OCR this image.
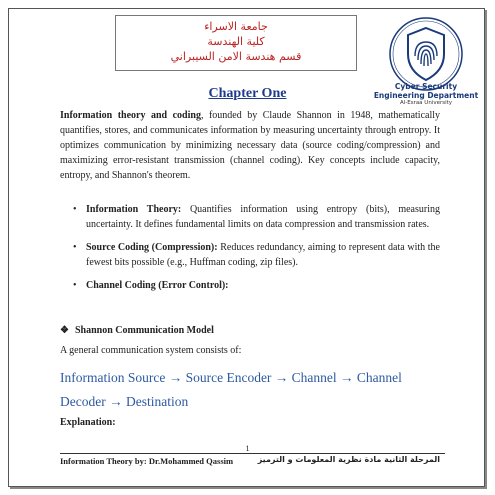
جامعة الاسراء
كلية الهندسة
قسم هندسة الامن السيبراني
Cyber Security
Engineering Department
Al-Esraa University
Chapter One
Information theory and coding, founded by Claude Shannon in 1948, mathematically quantifies, stores, and communicates information by measuring uncertainty through entropy. It optimizes communication by minimizing necessary data (source coding/compression) and maximizing error-resistant transmission (channel coding). Key concepts include capacity, entropy, and Shannon's theorem.
• Information Theory: Quantifies information using entropy (bits), measuring uncertainty. It defines fundamental limits on data compression and transmission rates.
• Source Coding (Compression): Reduces redundancy, aiming to represent data with the fewest bits possible (e.g., Huffman coding, zip files).
• Channel Coding (Error Control):
❖ Shannon Communication Model
A general communication system consists of:
Information Source → Source Encoder → Channel → Channel Decoder → Destination
Explanation:
1
Information Theory by: Dr.Mohammed Qassim	المرحلة الثانية مادة نظرية المعلومات و الترميز
